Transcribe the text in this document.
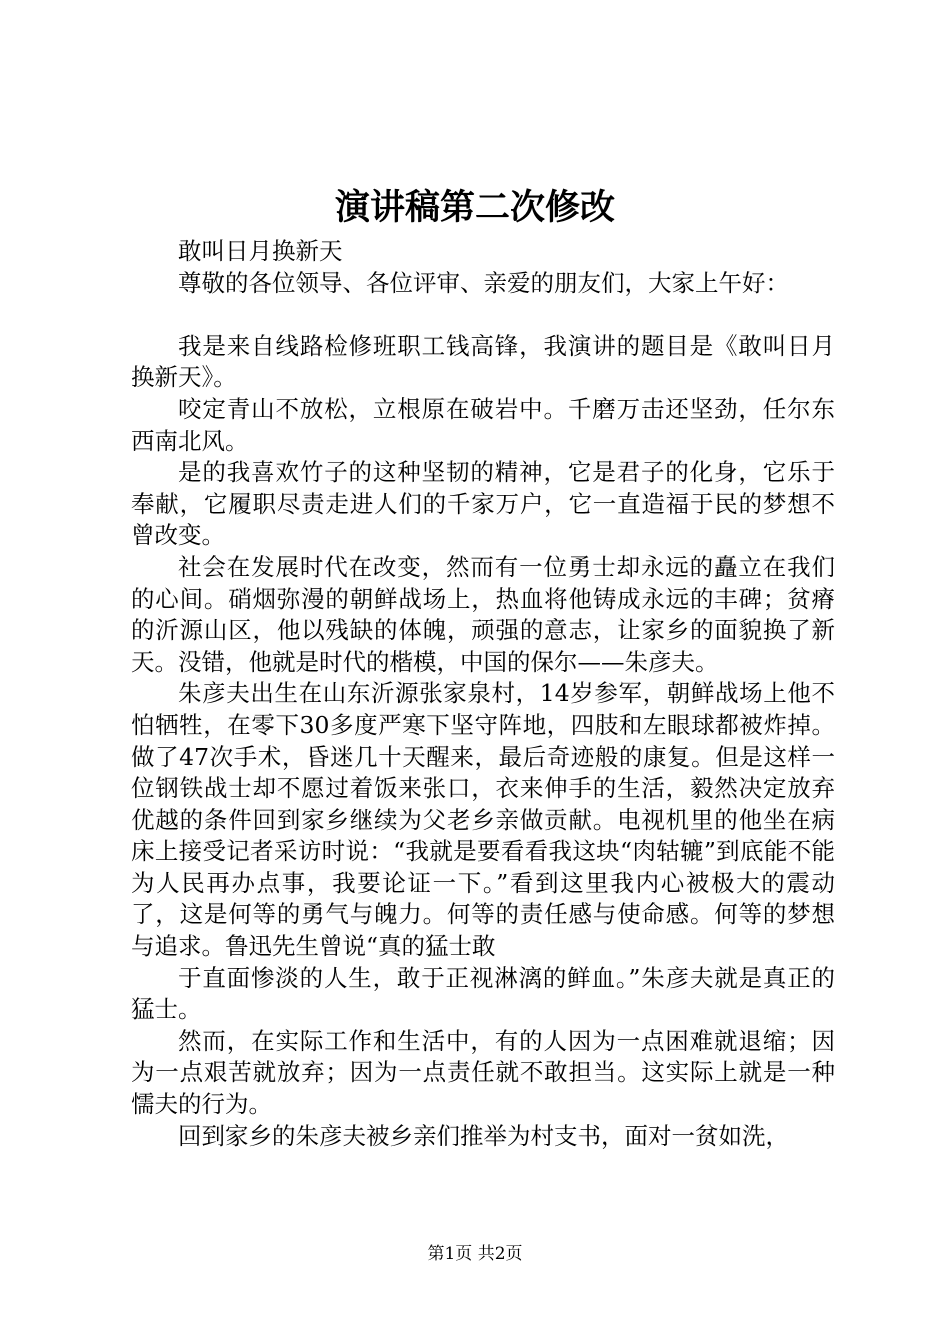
演讲稿第二次修改

敢叫日月换新天

尊敬的各位领导、各位评审、亲爱的朋友们，大家上午好：

我是来自线路检修班职工钱高锋，我演讲的题目是《敢叫日月换新天》。

咬定青山不放松，立根原在破岩中。千磨万击还坚劲，任尔东西南北风。

是的我喜欢竹子的这种坚韧的精神，它是君子的化身，它乐于奉献，它履职尽责走进人们的千家万户，它一直造福于民的梦想不曾改变。

社会在发展时代在改变，然而有一位勇士却永远的矗立在我们的心间。硝烟弥漫的朝鲜战场上，热血将他铸成永远的丰碑；贫瘠的沂源山区，他以残缺的体魄，顽强的意志，让家乡的面貌换了新天。没错，他就是时代的楷模，中国的保尔——朱彦夫。

朱彦夫出生在山东沂源张家泉村，14岁参军，朝鲜战场上他不怕牺牲，在零下30多度严寒下坚守阵地，四肢和左眼球都被炸掉。做了47次手术，昏迷几十天醒来，最后奇迹般的康复。但是这样一位钢铁战士却不愿过着饭来张口，衣来伸手的生活，毅然决定放弃优越的条件回到家乡继续为父老乡亲做贡献。电视机里的他坐在病床上接受记者采访时说：“我就是要看看我这块“肉轱辘”到底能不能为人民再办点事，我要论证一下。”看到这里我内心被极大的震动了，这是何等的勇气与魄力。何等的责任感与使命感。何等的梦想与追求。鲁迅先生曾说“真的猛士敢

于直面惨淡的人生，敢于正视淋漓的鲜血。”朱彦夫就是真正的猛士。

然而，在实际工作和生活中，有的人因为一点困难就退缩；因为一点艰苦就放弃；因为一点责任就不敢担当。这实际上就是一种懦夫的行为。

回到家乡的朱彦夫被乡亲们推举为村支书，面对一贫如洗，

第1页 共2页
